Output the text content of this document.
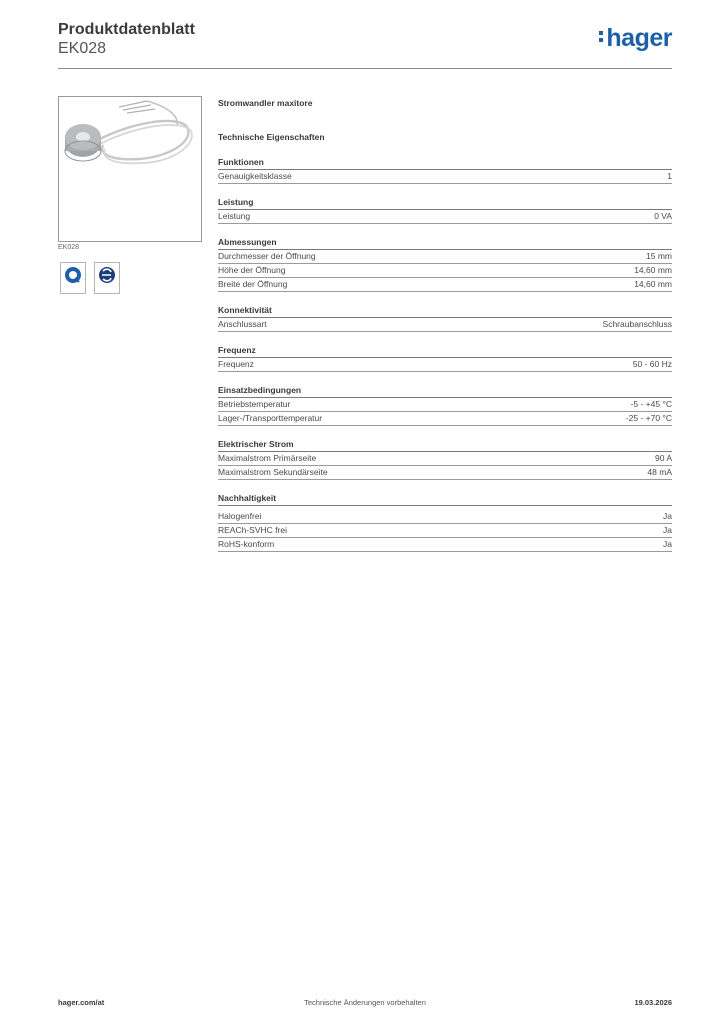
Produktdatenblatt
EK028	hager
EK028
Stromwandler maxitore
Technische Eigenschaften
Funktionen
Genauigkeitsklasse	1
Leistung
Leistung	0 VA
Abmessungen
Durchmesser der Öffnung	15 mm
Höhe der Öffnung	14,60 mm
Breite der Öffnung	14,60 mm
Konnektivität
Anschlussart	Schraubanschluss
Frequenz
Frequenz	50 - 60 Hz
Einsatzbedingungen
Betriebstemperatur	-5 - +45 °C
Lager-/Transporttemperatur	-25 - +70 °C
Elektrischer Strom
Maximalstrom Primärseite	90 A
Maximalstrom Sekundärseite	48 mA
Nachhaltigkeit
Halogenfrei	Ja
REACh-SVHC frei	Ja
RoHS-konform	Ja
hager.com/at	Technische Änderungen vorbehalten	19.03.2026
